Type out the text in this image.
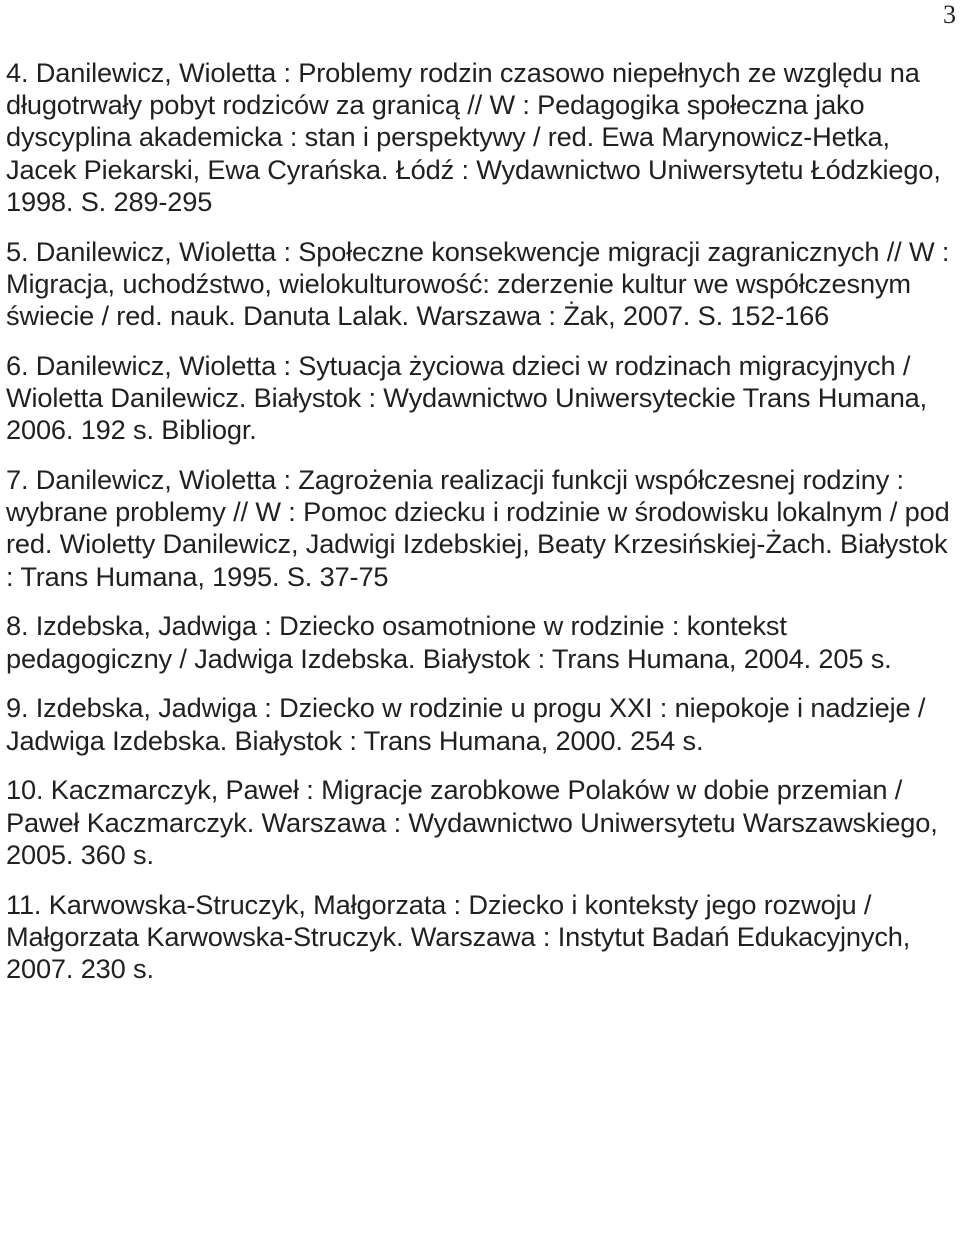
3

4. Danilewicz, Wioletta : Problemy rodzin czasowo niepełnych ze względu na długotrwały pobyt rodziców za granicą // W : Pedagogika społeczna jako dyscyplina akademicka : stan i perspektywy / red. Ewa Marynowicz-Hetka, Jacek Piekarski, Ewa Cyrańska. Łódź : Wydawnictwo Uniwersytetu Łódzkiego, 1998. S. 289-295

5. Danilewicz, Wioletta : Społeczne konsekwencje migracji zagranicznych // W : Migracja, uchodźstwo, wielokulturowość: zderzenie kultur we współczesnym świecie / red. nauk. Danuta Lalak. Warszawa : Żak, 2007. S. 152-166

6. Danilewicz, Wioletta : Sytuacja życiowa dzieci w rodzinach migracyjnych / Wioletta Danilewicz. Białystok : Wydawnictwo Uniwersyteckie Trans Humana, 2006. 192 s. Bibliogr.

7. Danilewicz, Wioletta : Zagrożenia realizacji funkcji współczesnej rodziny : wybrane problemy // W : Pomoc dziecku i rodzinie w środowisku lokalnym / pod red. Wioletty Danilewicz, Jadwigi Izdebskiej, Beaty Krzesińskiej-Żach. Białystok : Trans Humana, 1995. S. 37-75

8. Izdebska, Jadwiga : Dziecko osamotnione w rodzinie : kontekst pedagogiczny / Jadwiga Izdebska. Białystok : Trans Humana, 2004. 205 s.

9. Izdebska, Jadwiga : Dziecko w rodzinie u progu XXI : niepokoje i nadzieje / Jadwiga Izdebska. Białystok : Trans Humana, 2000. 254 s.

10. Kaczmarczyk, Paweł : Migracje zarobkowe Polaków w dobie przemian / Paweł Kaczmarczyk. Warszawa : Wydawnictwo Uniwersytetu Warszawskiego, 2005. 360 s.

11. Karwowska-Struczyk, Małgorzata : Dziecko i konteksty jego rozwoju / Małgorzata Karwowska-Struczyk. Warszawa : Instytut Badań Edukacyjnych, 2007. 230 s.
